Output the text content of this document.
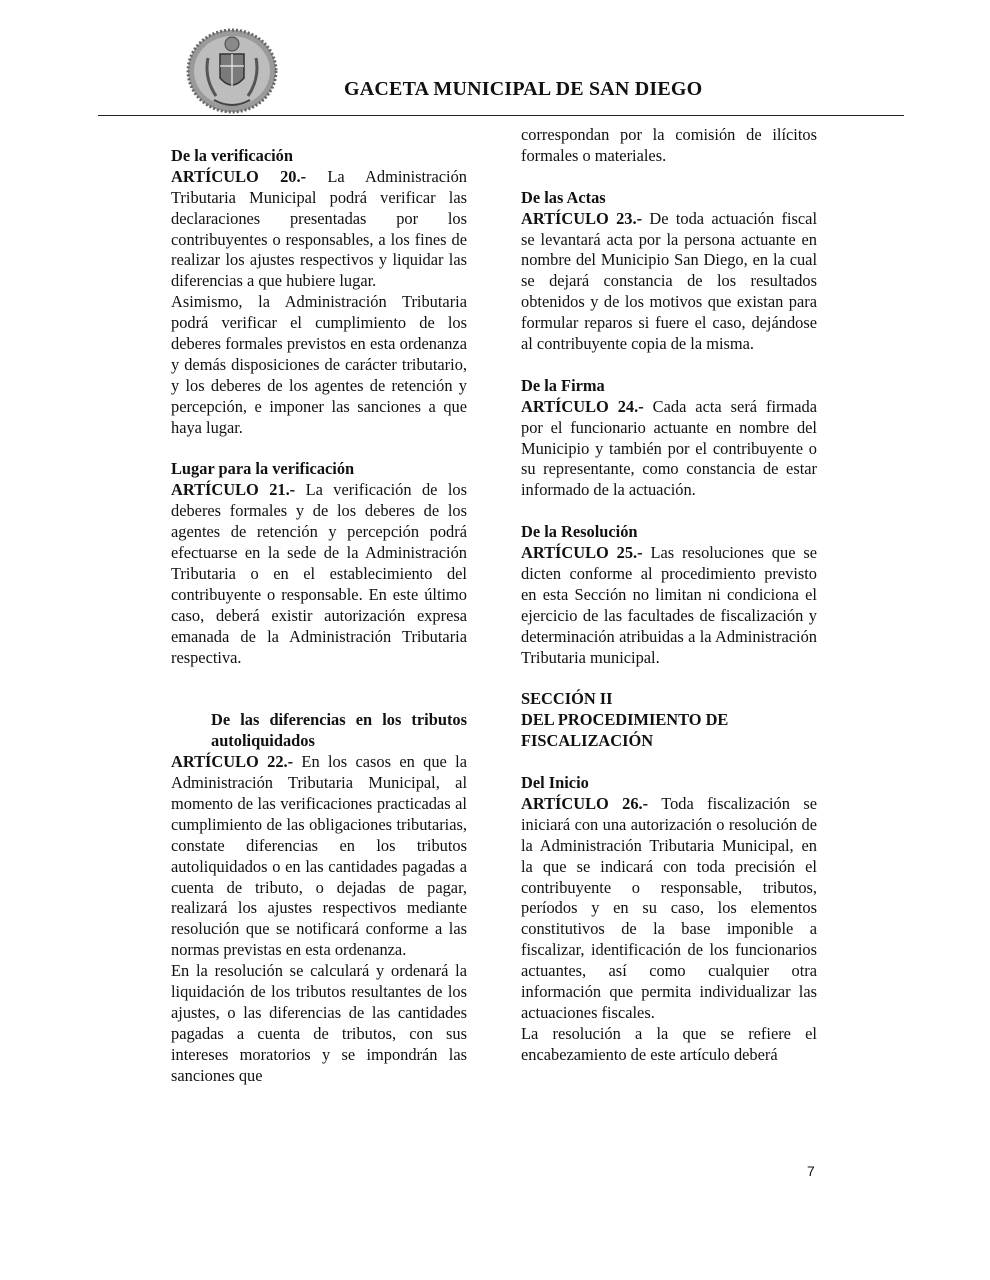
GACETA MUNICIPAL DE SAN DIEGO

De la verificación

ARTÍCULO 20.- La Administración Tributaria Municipal podrá verificar las declaraciones presentadas por los contribuyentes o responsables, a los fines de realizar los ajustes respectivos y liquidar las diferencias a que hubiere lugar.

Asimismo, la Administración Tributaria podrá verificar el cumplimiento de los deberes formales previstos en esta ordenanza y demás disposiciones de carácter tributario, y los deberes de los agentes de retención y percepción, e imponer las sanciones a que haya lugar.

Lugar para la verificación

ARTÍCULO 21.- La verificación de los deberes formales y de los deberes de los agentes de retención y percepción podrá efectuarse en la sede de la Administración Tributaria o en el establecimiento del contribuyente o responsable. En este último caso, deberá existir autorización expresa emanada de la Administración Tributaria respectiva.

De las diferencias en los tributos autoliquidados

ARTÍCULO 22.- En los casos en que la Administración Tributaria Municipal, al momento de las verificaciones practicadas al cumplimiento de las obligaciones tributarias, constate diferencias en los tributos autoliquidados o en las cantidades pagadas a cuenta de tributo, o dejadas de pagar, realizará los ajustes respectivos mediante resolución que se notificará conforme a las normas previstas en esta ordenanza.

En la resolución se calculará y ordenará la liquidación de los tributos resultantes de los ajustes, o las diferencias de las cantidades pagadas a cuenta de tributos, con sus intereses moratorios y se impondrán las sanciones que

correspondan por la comisión de ilícitos formales o materiales.

De las Actas

ARTÍCULO 23.- De toda actuación fiscal se levantará acta por la persona actuante en nombre del Municipio San Diego, en la cual se dejará constancia de los resultados obtenidos y de los motivos que existan para formular reparos si fuere el caso, dejándose al contribuyente copia de la misma.

De la Firma

ARTÍCULO 24.- Cada acta será firmada por el funcionario actuante en nombre del Municipio y también por el contribuyente o su representante, como constancia de estar informado de la actuación.

De la Resolución

ARTÍCULO 25.- Las resoluciones que se dicten conforme al procedimiento previsto en esta Sección no limitan ni condiciona el ejercicio de las facultades de fiscalización y determinación atribuidas a la Administración Tributaria municipal.

SECCIÓN II

DEL PROCEDIMIENTO DE

FISCALIZACIÓN

Del Inicio

ARTÍCULO 26.- Toda fiscalización se iniciará con una autorización o resolución de la Administración Tributaria Municipal, en la que se indicará con toda precisión el contribuyente o responsable, tributos, períodos y en su caso, los elementos constitutivos de la base imponible a fiscalizar, identificación de los funcionarios actuantes, así como cualquier otra información que permita individualizar las actuaciones fiscales.

La resolución a la que se refiere el encabezamiento de este artículo deberá

7
